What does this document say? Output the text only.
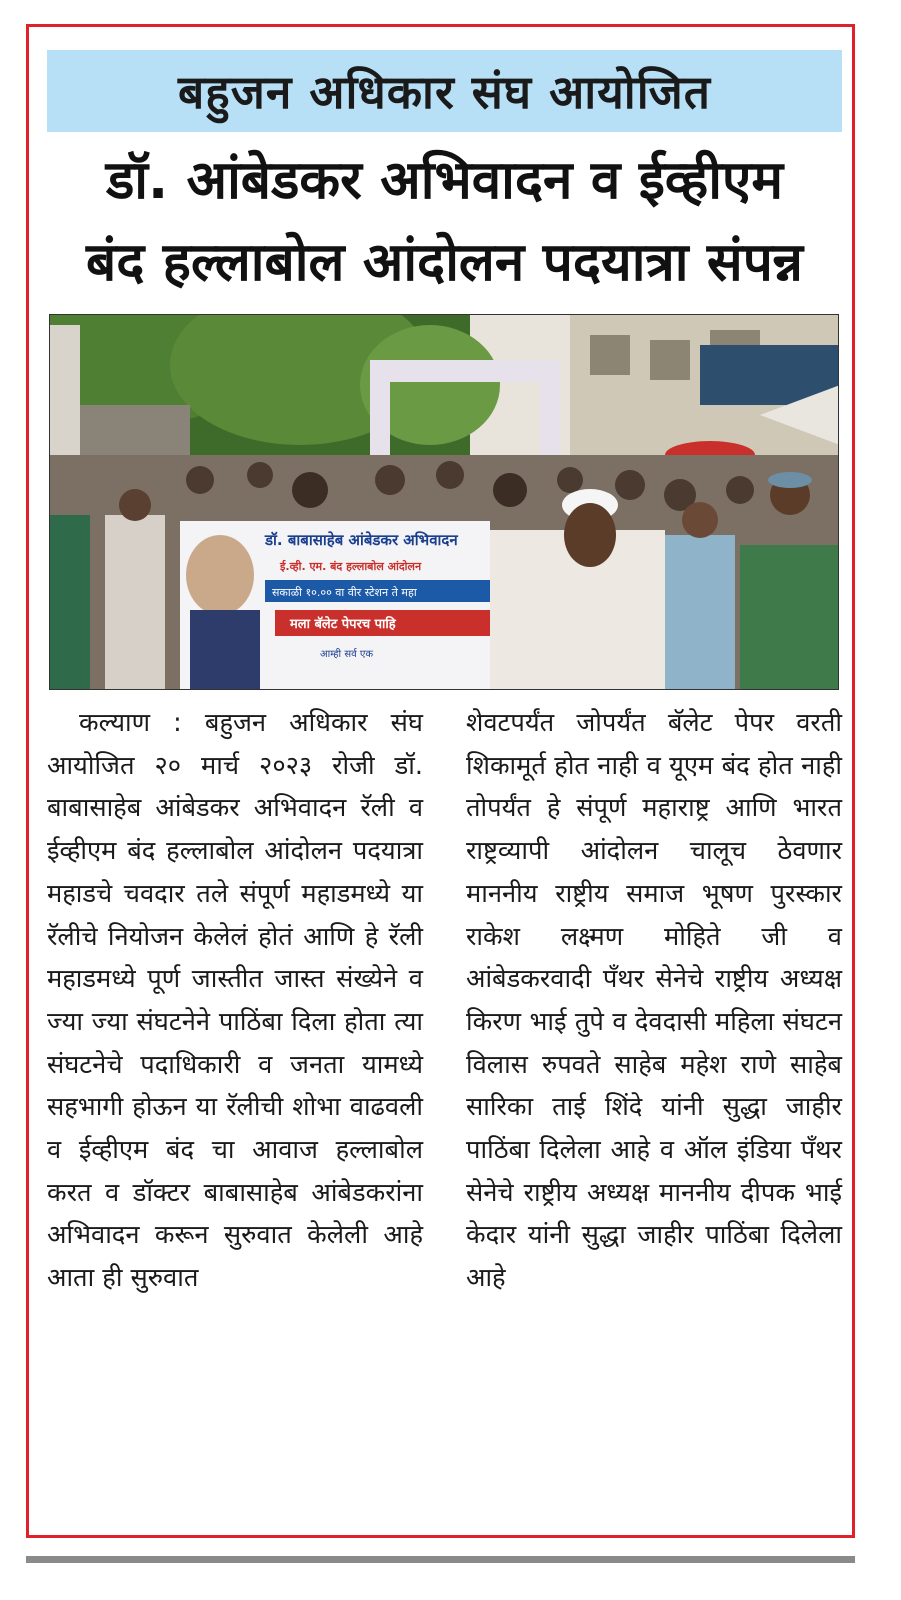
बहुजन अधिकार संघ आयोजित
डॉ. आंबेडकर अभिवादन व ईव्हीएम
बंद हल्लाबोल आंदोलन पदयात्रा संपन्न
डॉ. बाबासाहेब आंबेडकर अभिवादन
ई.व्ही. एम. बंद हल्लाबोल आंदोलन
सकाळी १०.०० वा वीर स्टेशन ते महा
मला बॅलेट पेपरच पाहि
आम्ही सर्व एक

कल्याण : बहुजन अधिकार संघ आयोजित २० मार्च २०२३ रोजी डॉ. बाबासाहेब आंबेडकर अभिवादन रॅली व ईव्हीएम बंद हल्लाबोल आंदोलन पदयात्रा महाडचे चवदार तले संपूर्ण महाडमध्ये या रॅलीचे नियोजन केलेलं होतं आणि हे रॅली महाडमध्ये पूर्ण जास्तीत जास्त संख्येने व ज्या ज्या संघटनेने पाठिंबा दिला होता त्या संघटनेचे पदाधिकारी व जनता यामध्ये सहभागी होऊन या रॅलीची शोभा वाढवली व ईव्हीएम बंद चा आवाज हल्लाबोल करत व डॉक्टर बाबासाहेब आंबेडकरांना अभिवादन करून सुरुवात केलेली आहे आता ही सुरुवात

शेवटपर्यंत जोपर्यंत बॅलेट पेपर वरती शिकामूर्त होत नाही व यूएम बंद होत नाही तोपर्यंत हे संपूर्ण महाराष्ट्र आणि भारत राष्ट्रव्यापी आंदोलन चालूच ठेवणार माननीय राष्ट्रीय समाज भूषण पुरस्कार राकेश लक्ष्मण मोहिते जी व आंबेडकरवादी पँथर सेनेचे राष्ट्रीय अध्यक्ष किरण भाई तुपे व देवदासी महिला संघटन विलास रुपवते साहेब महेश राणे साहेब सारिका ताई शिंदे यांनी सुद्धा जाहीर पाठिंबा दिलेला आहे व ऑल इंडिया पँथर सेनेचे राष्ट्रीय अध्यक्ष माननीय दीपक भाई केदार यांनी सुद्धा जाहीर पाठिंबा दिलेला आहे
